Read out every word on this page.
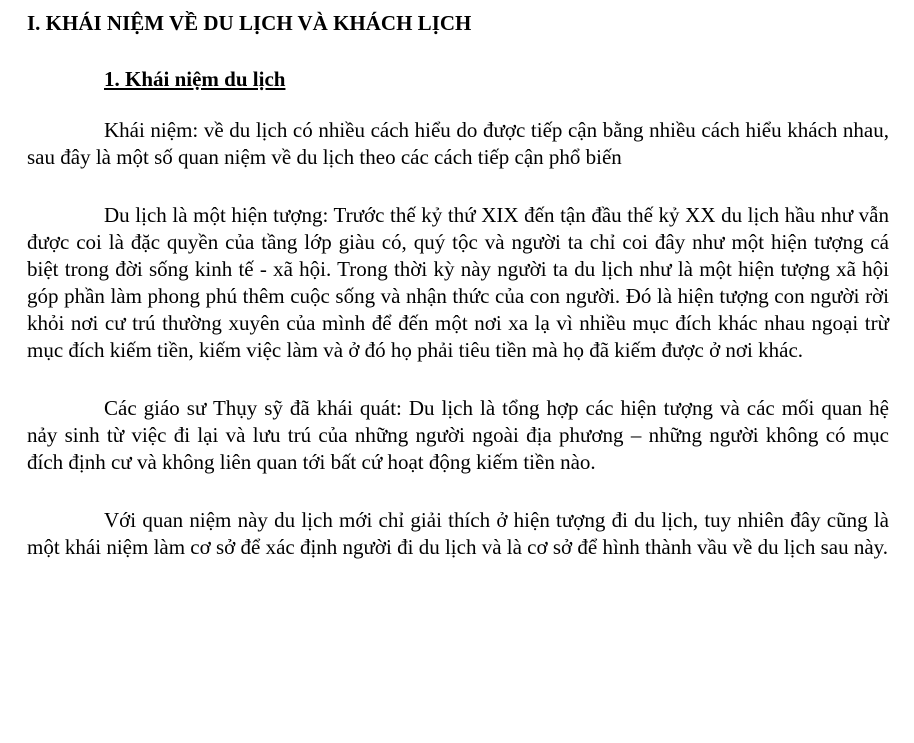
I. KHÁI NIỆM VỀ DU LỊCH VÀ KHÁCH LỊCH
1. Khái niệm du lịch

Khái niệm: về du lịch có nhiều cách hiểu do được tiếp cận bằng nhiều cách hiểu khách nhau, sau đây là một số quan niệm về du lịch theo các cách tiếp cận phổ biến

Du lịch là một hiện tượng: Trước thế kỷ thứ XIX đến tận đầu thế kỷ XX du lịch hầu như vẫn được coi là đặc quyền của tầng lớp giàu có, quý tộc và người ta chỉ coi đây như một hiện tượng cá biệt trong đời sống kinh tế - xã hội. Trong thời kỳ này người ta du lịch như là một hiện tượng xã hội góp phần làm phong phú thêm cuộc sống và nhận thức của con người. Đó là hiện tượng con người rời khỏi nơi cư trú thường xuyên của mình để đến một nơi xa lạ vì nhiều mục đích khác nhau ngoại trừ mục đích kiếm tiền, kiếm việc làm và ở đó họ phải tiêu tiền mà họ đã kiếm được ở nơi khác.

Các giáo sư Thụy sỹ đã khái quát: Du lịch là tổng hợp các hiện tượng và các mối quan hệ nảy sinh từ việc đi lại và lưu trú của những người ngoài địa phương – những người không có mục đích định cư và không liên quan tới bất cứ hoạt động kiếm tiền nào.

Với quan niệm này du lịch mới chỉ giải thích ở hiện tượng đi du lịch, tuy nhiên đây cũng là một khái niệm làm cơ sở để xác định người đi du lịch và là cơ sở để hình thành vầu về du lịch sau này.
